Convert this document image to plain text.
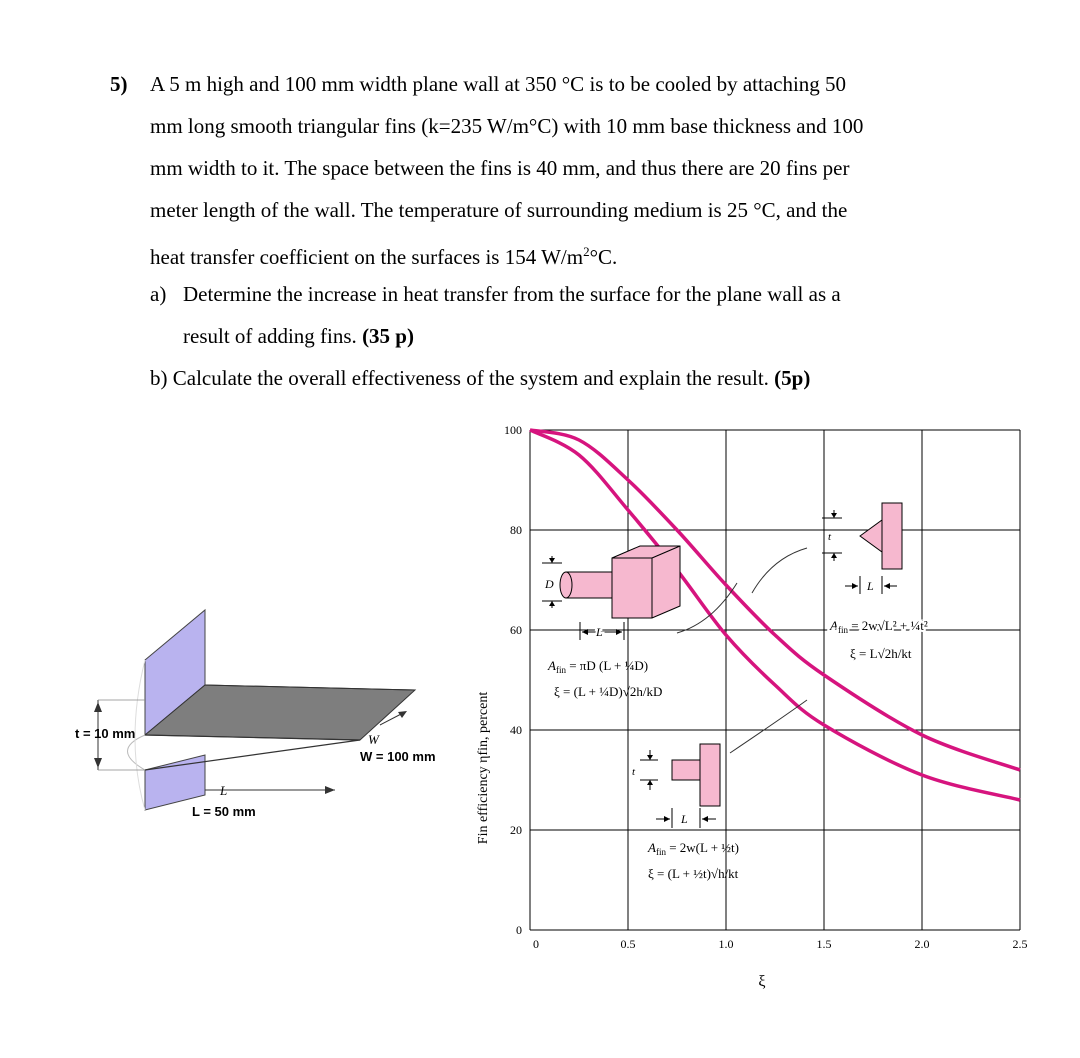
5) A 5 m high and 100 mm width plane wall at 350 °C is to be cooled by attaching 50
mm long smooth triangular fins (k=235 W/m°C) with 10 mm base thickness and 100
mm width to it. The space between the fins is 40 mm, and thus there are 20 fins per
meter length of the wall. The temperature of surrounding medium is 25 °C, and the
heat transfer coefficient on the surfaces is 154 $W/m^2^\circ C$.
a) Determine the increase in heat transfer from the surface for the plane wall as a
result of adding fins. (35 p)
b) Calculate the overall effectiveness of the system and explain the result. (5p)
t = 10 mm	W
W = 100 mm
L
L = 50 mm	Fin efficiency ηfin, percent
ξ
0	0.5	1.0	1.5	2.0	2.5
0
20
40
60
80
100
D
L
$A_{fin} = \pi D$ (L + ¼D)
ξ = (L + ¼D)√2h/kD
t
L
$A_{fin} = 2w√L^2$ + ¼t²
ξ = L√2h/kt
t
L
$A_{fin} = 2w(L$ + ½t)
ξ = (L + ½t)√h/kt
